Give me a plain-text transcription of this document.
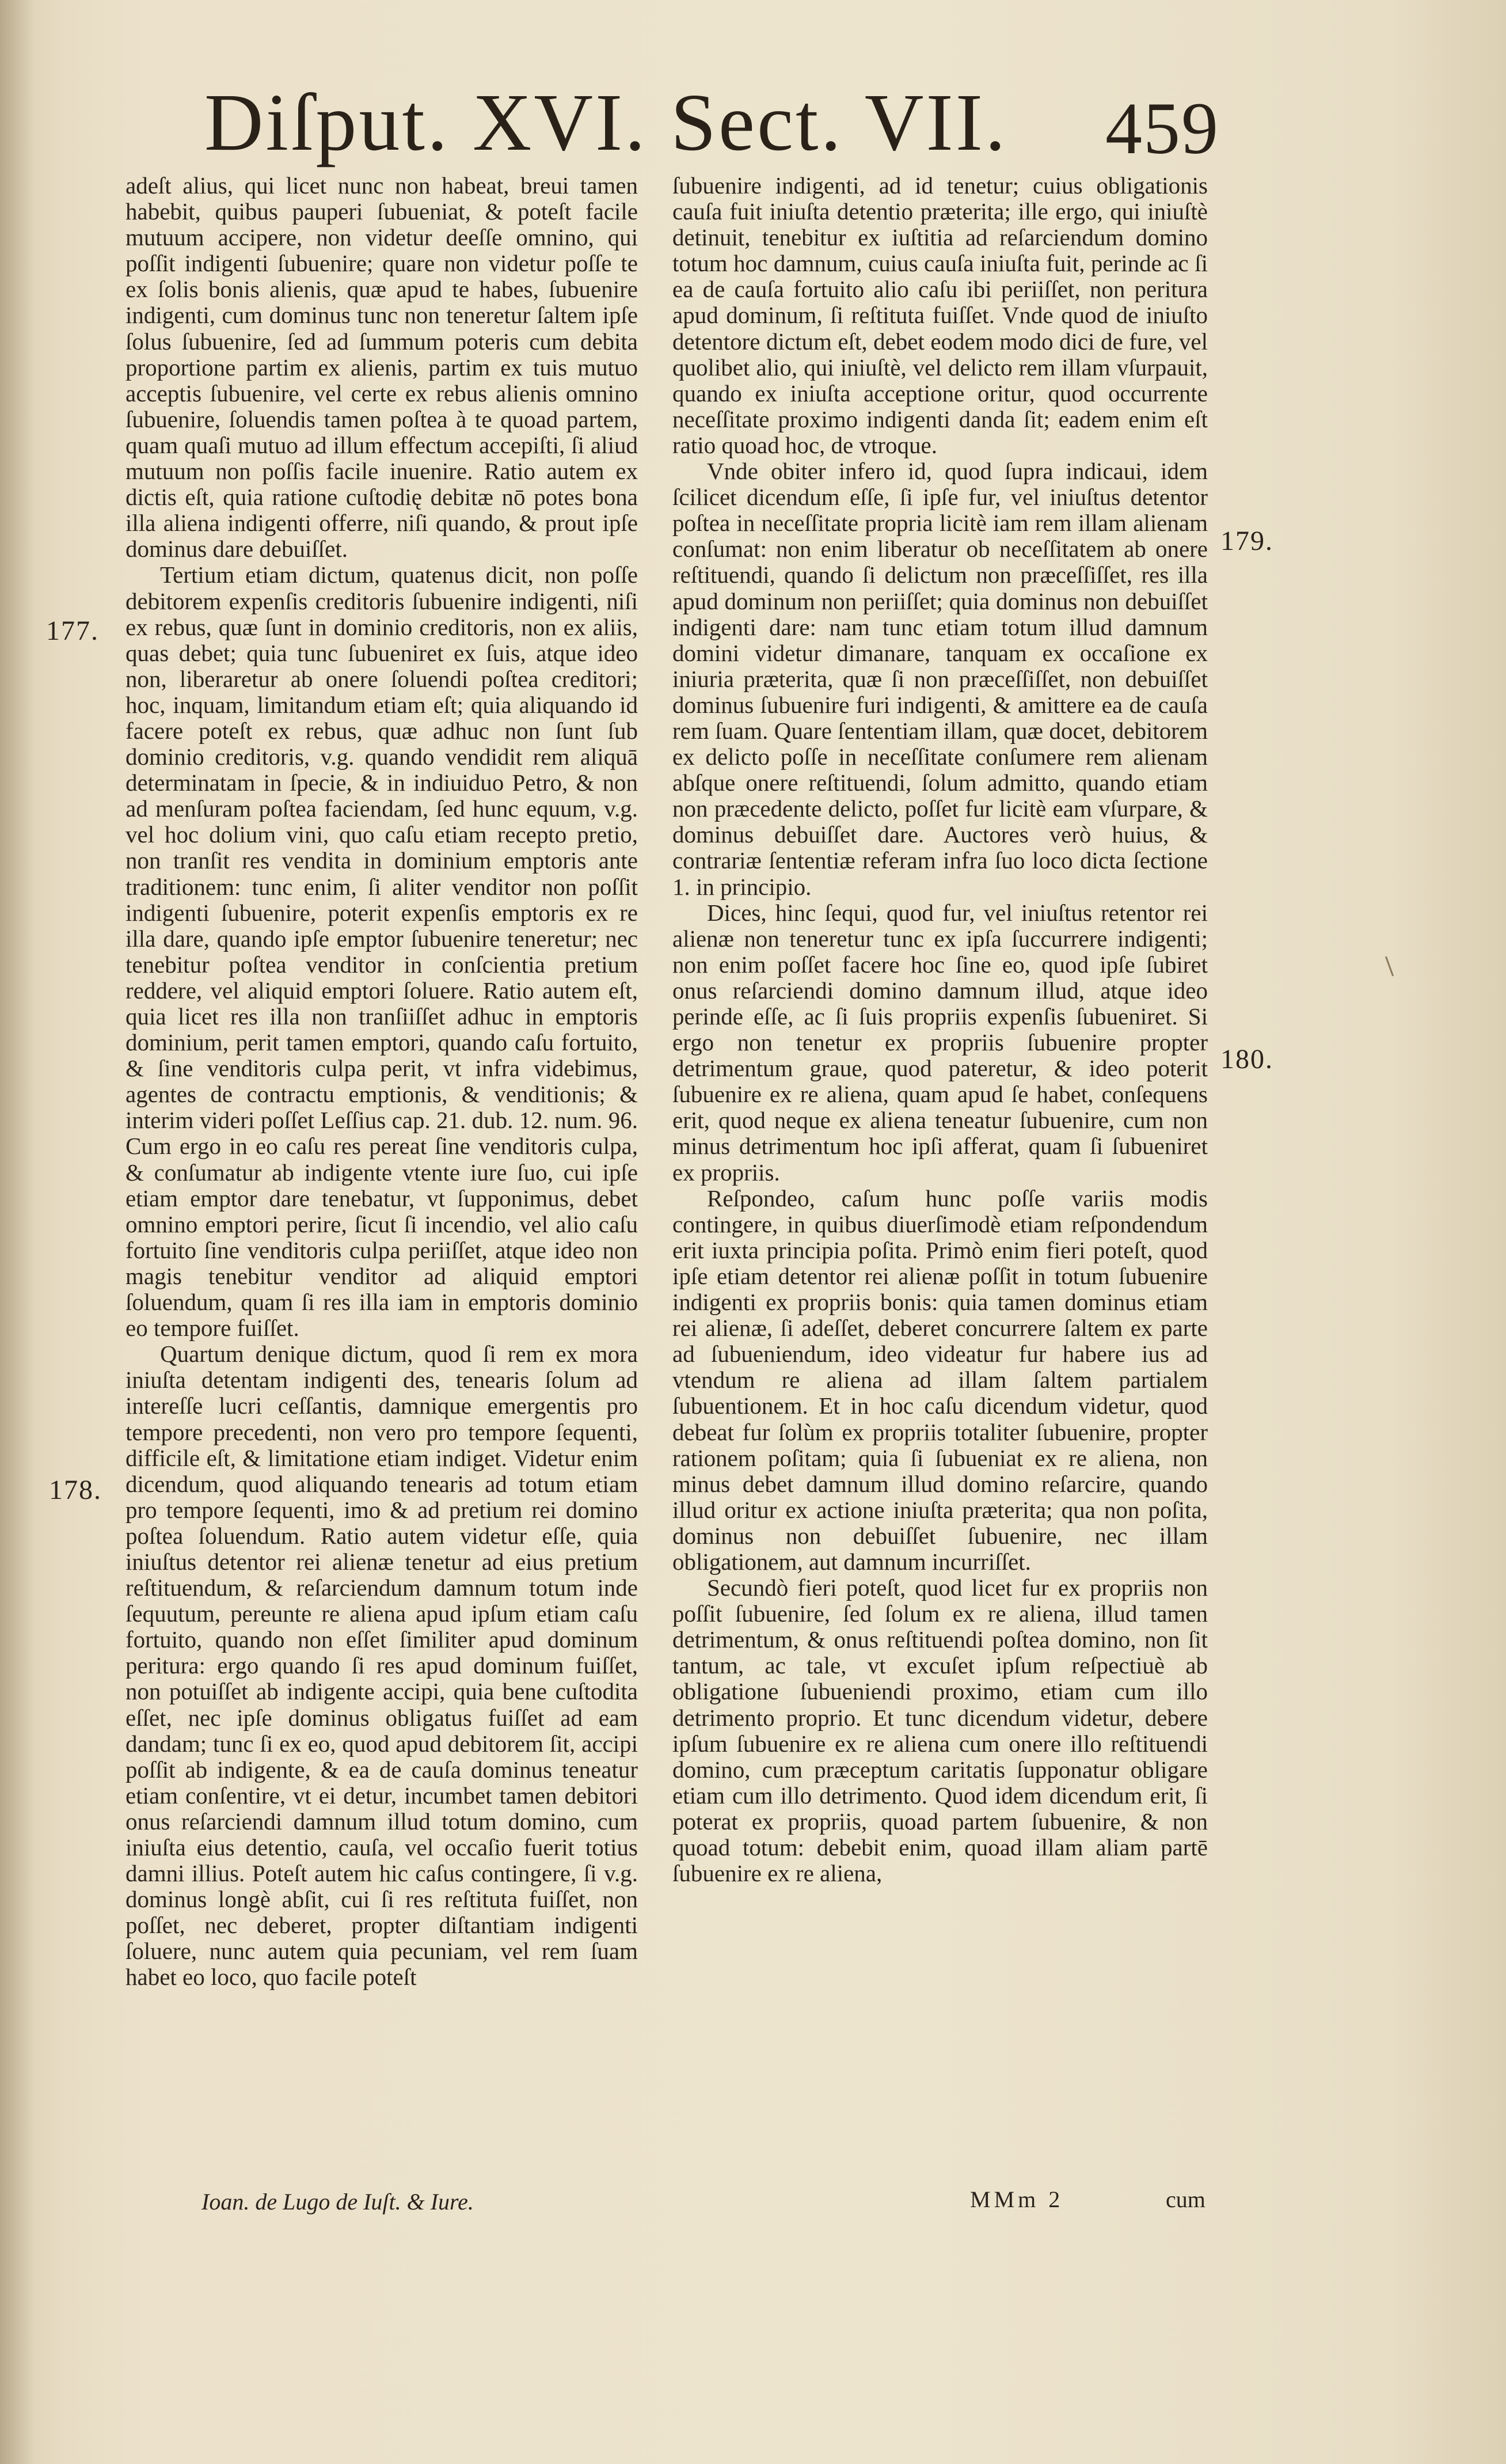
Diſput. XVI. Sect. VII. 459
177.
178.
179.
180.

adeſt alius, qui licet nunc non habeat, breui tamen habebit, quibus pauperi ſubueniat, & poteſt facile mutuum accipere, non videtur deeſſe omnino, qui poſſit indigenti ſubuenire; quare non videtur poſſe te ex ſolis bonis alienis, quæ apud te habes, ſubuenire indigenti, cum dominus tunc non teneretur ſaltem ipſe ſolus ſubuenire, ſed ad ſummum poteris cum debita proportione partim ex alienis, partim ex tuis mutuo acceptis ſubuenire, vel certe ex rebus alienis omnino ſubuenire, ſoluendis tamen poſtea à te quoad partem, quam quaſi mutuo ad illum effectum accepiſti, ſi aliud mutuum non poſſis facile inuenire. Ratio autem ex dictis eſt, quia ratione cuſtodię debitæ nō potes bona illa aliena indigenti offerre, niſi quando, & prout ipſe dominus dare debuiſſet.

Tertium etiam dictum, quatenus dicit, non poſſe debitorem expenſis creditoris ſubuenire indigenti, niſi ex rebus, quæ ſunt in dominio creditoris, non ex aliis, quas debet; quia tunc ſubueniret ex ſuis, atque ideo non, liberaretur ab onere ſoluendi poſtea creditori; hoc, inquam, limitandum etiam eſt; quia aliquando id facere poteſt ex rebus, quæ adhuc non ſunt ſub dominio creditoris, v.g. quando vendidit rem aliquā determinatam in ſpecie, & in indiuiduo Petro, & non ad menſuram poſtea faciendam, ſed hunc equum, v.g. vel hoc dolium vini, quo caſu etiam recepto pretio, non tranſit res vendita in dominium emptoris ante traditionem: tunc enim, ſi aliter venditor non poſſit indigenti ſubuenire, poterit expenſis emptoris ex re illa dare, quando ipſe emptor ſubuenire teneretur; nec tenebitur poſtea venditor in conſcientia pretium reddere, vel aliquid emptori ſoluere. Ratio autem eſt, quia licet res illa non tranſiiſſet adhuc in emptoris dominium, perit tamen emptori, quando caſu fortuito, & ſine venditoris culpa perit, vt infra videbimus, agentes de contractu emptionis, & venditionis; & interim videri poſſet Leſſius cap. 21. dub. 12. num. 96. Cum ergo in eo caſu res pereat ſine venditoris culpa, & conſumatur ab indigente vtente iure ſuo, cui ipſe etiam emptor dare tenebatur, vt ſupponimus, debet omnino emptori perire, ſicut ſi incendio, vel alio caſu fortuito ſine venditoris culpa periiſſet, atque ideo non magis tenebitur venditor ad aliquid emptori ſoluendum, quam ſi res illa iam in emptoris dominio eo tempore fuiſſet.

Quartum denique dictum, quod ſi rem ex mora iniuſta detentam indigenti des, tenearis ſolum ad intereſſe lucri ceſſantis, damnique emergentis pro tempore precedenti, non vero pro tempore ſequenti, difficile eſt, & limitatione etiam indiget. Videtur enim dicendum, quod aliquando tenearis ad totum etiam pro tempore ſequenti, imo & ad pretium rei domino poſtea ſoluendum. Ratio autem videtur eſſe, quia iniuſtus detentor rei alienæ tenetur ad eius pretium reſtituendum, & reſarciendum damnum totum inde ſequutum, pereunte re aliena apud ipſum etiam caſu fortuito, quando non eſſet ſimiliter apud dominum peritura: ergo quando ſi res apud dominum fuiſſet, non potuiſſet ab indigente accipi, quia bene cuſtodita eſſet, nec ipſe dominus obligatus fuiſſet ad eam dandam; tunc ſi ex eo, quod apud debitorem ſit, accipi poſſit ab indigente, & ea de cauſa dominus teneatur etiam conſentire, vt ei detur, incumbet tamen debitori onus reſarciendi damnum illud totum domino, cum iniuſta eius detentio, cauſa, vel occaſio fuerit totius damni illius. Poteſt autem hic caſus contingere, ſi v.g. dominus longè abſit, cui ſi res reſtituta fuiſſet, non poſſet, nec deberet, propter diſtantiam indigenti ſoluere, nunc autem quia pecuniam, vel rem ſuam habet eo loco, quo facile poteſt

ſubuenire indigenti, ad id tenetur; cuius obligationis cauſa fuit iniuſta detentio præterita; ille ergo, qui iniuſtè detinuit, tenebitur ex iuſtitia ad reſarciendum domino totum hoc damnum, cuius cauſa iniuſta fuit, perinde ac ſi ea de cauſa fortuito alio caſu ibi periiſſet, non peritura apud dominum, ſi reſtituta fuiſſet. Vnde quod de iniuſto detentore dictum eſt, debet eodem modo dici de fure, vel quolibet alio, qui iniuſtè, vel delicto rem illam vſurpauit, quando ex iniuſta acceptione oritur, quod occurrente neceſſitate proximo indigenti danda ſit; eadem enim eſt ratio quoad hoc, de vtroque.

Vnde obiter infero id, quod ſupra indicaui, idem ſcilicet dicendum eſſe, ſi ipſe fur, vel iniuſtus detentor poſtea in neceſſitate propria licitè iam rem illam alienam conſumat: non enim liberatur ob neceſſitatem ab onere reſtituendi, quando ſi delictum non præceſſiſſet, res illa apud dominum non periiſſet; quia dominus non debuiſſet indigenti dare: nam tunc etiam totum illud damnum domini videtur dimanare, tanquam ex occaſione ex iniuria præterita, quæ ſi non præceſſiſſet, non debuiſſet dominus ſubuenire furi indigenti, & amittere ea de cauſa rem ſuam. Quare ſententiam illam, quæ docet, debitorem ex delicto poſſe in neceſſitate conſumere rem alienam abſque onere reſtituendi, ſolum admitto, quando etiam non præcedente delicto, poſſet fur licitè eam vſurpare, & dominus debuiſſet dare. Auctores verò huius, & contrariæ ſententiæ referam infra ſuo loco dicta ſectione 1. in principio.

Dices, hinc ſequi, quod fur, vel iniuſtus retentor rei alienæ non teneretur tunc ex ipſa ſuccurrere indigenti; non enim poſſet facere hoc ſine eo, quod ipſe ſubiret onus reſarciendi domino damnum illud, atque ideo perinde eſſe, ac ſi ſuis propriis expenſis ſubueniret. Si ergo non tenetur ex propriis ſubuenire propter detrimentum graue, quod pateretur, & ideo poterit ſubuenire ex re aliena, quam apud ſe habet, conſequens erit, quod neque ex aliena teneatur ſubuenire, cum non minus detrimentum hoc ipſi afferat, quam ſi ſubueniret ex propriis.

Reſpondeo, caſum hunc poſſe variis modis contingere, in quibus diuerſimodè etiam reſpondendum erit iuxta principia poſita. Primò enim fieri poteſt, quod ipſe etiam detentor rei alienæ poſſit in totum ſubuenire indigenti ex propriis bonis: quia tamen dominus etiam rei alienæ, ſi adeſſet, deberet concurrere ſaltem ex parte ad ſubueniendum, ideo videatur fur habere ius ad vtendum re aliena ad illam ſaltem partialem ſubuentionem. Et in hoc caſu dicendum videtur, quod debeat fur ſolùm ex propriis totaliter ſubuenire, propter rationem poſitam; quia ſi ſubueniat ex re aliena, non minus debet damnum illud domino reſarcire, quando illud oritur ex actione iniuſta præterita; qua non poſita, dominus non debuiſſet ſubuenire, nec illam obligationem, aut damnum incurriſſet.

Secundò fieri poteſt, quod licet fur ex propriis non poſſit ſubuenire, ſed ſolum ex re aliena, illud tamen detrimentum, & onus reſtituendi poſtea domino, non ſit tantum, ac tale, vt excuſet ipſum reſpectiuè ab obligatione ſubueniendi proximo, etiam cum illo detrimento proprio. Et tunc dicendum videtur, debere ipſum ſubuenire ex re aliena cum onere illo reſtituendi domino, cum præceptum caritatis ſupponatur obligare etiam cum illo detrimento. Quod idem dicendum erit, ſi poterat ex propriis, quoad partem ſubuenire, & non quoad totum: debebit enim, quoad illam aliam partē ſubuenire ex re aliena,

Ioan. de Lugo de Iuſt. & Iure.	MMm 2	cum
